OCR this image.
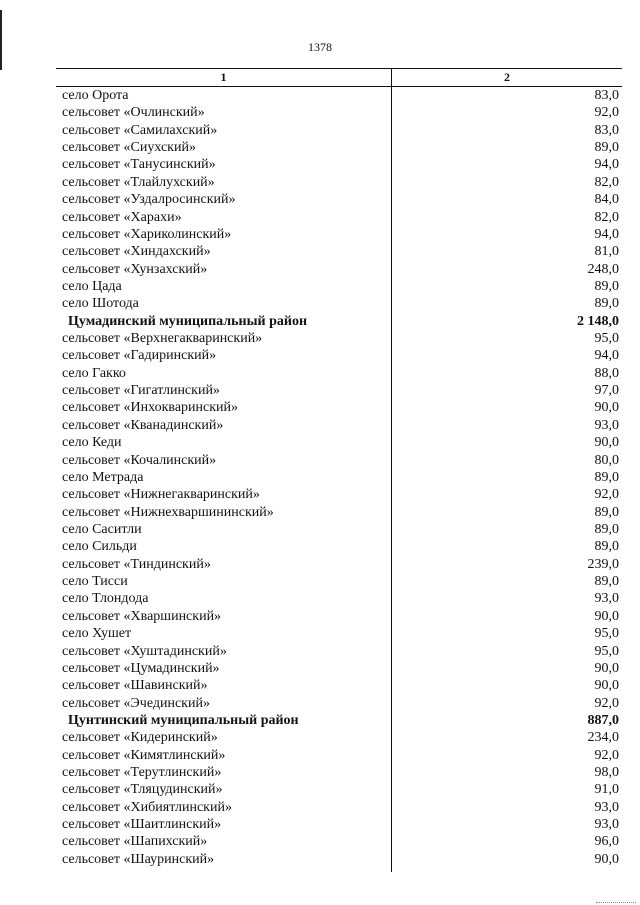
1378
1	2
село Орота	83,0
сельсовет «Очлинский»	92,0
сельсовет «Самилахский»	83,0
сельсовет «Сиухский»	89,0
сельсовет «Танусинский»	94,0
сельсовет «Тлайлухский»	82,0
сельсовет «Уздалросинский»	84,0
сельсовет «Харахи»	82,0
сельсовет «Хариколинский»	94,0
сельсовет «Хиндахский»	81,0
сельсовет «Хунзахский»	248,0
село Цада	89,0
село Шотода	89,0
Цумадинский муниципальный район	2 148,0
сельсовет «Верхнегакваринский»	95,0
сельсовет «Гадиринский»	94,0
село Гакко	88,0
сельсовет «Гигатлинский»	97,0
сельсовет «Инхокваринский»	90,0
сельсовет «Кванадинский»	93,0
село Кеди	90,0
сельсовет «Кочалинский»	80,0
село Метрада	89,0
сельсовет «Нижнегакваринский»	92,0
сельсовет «Нижнехваршининский»	89,0
село Саситли	89,0
село Сильди	89,0
сельсовет «Тиндинский»	239,0
село Тисси	89,0
село Тлондода	93,0
сельсовет «Хваршинский»	90,0
село Хушет	95,0
сельсовет «Хуштадинский»	95,0
сельсовет «Цумадинский»	90,0
сельсовет «Шавинский»	90,0
сельсовет «Эчединский»	92,0
Цунтинский муниципальный район	887,0
сельсовет «Кидеринский»	234,0
сельсовет «Кимятлинский»	92,0
сельсовет «Терутлинский»	98,0
сельсовет «Тляцудинский»	91,0
сельсовет «Хибиятлинский»	93,0
сельсовет «Шаитлинский»	93,0
сельсовет «Шапихский»	96,0
сельсовет «Шауринский»	90,0
